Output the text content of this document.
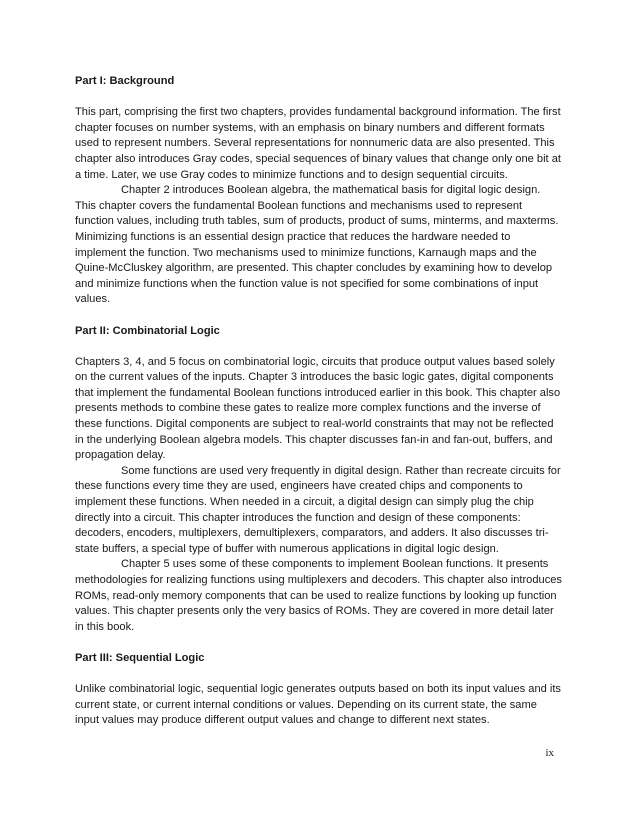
Part I: Background

This part, comprising the first two chapters, provides fundamental background information. The first chapter focuses on number systems, with an emphasis on binary numbers and different formats used to represent numbers. Several representations for nonnumeric data are also presented. This chapter also introduces Gray codes, special sequences of binary values that change only one bit at a time. Later, we use Gray codes to minimize functions and to design sequential circuits.

Chapter 2 introduces Boolean algebra, the mathematical basis for digital logic design. This chapter covers the fundamental Boolean functions and mechanisms used to represent function values, including truth tables, sum of products, product of sums, minterms, and maxterms. Minimizing functions is an essential design practice that reduces the hardware needed to implement the function. Two mechanisms used to minimize functions, Karnaugh maps and the Quine-McCluskey algorithm, are presented. This chapter concludes by examining how to develop and minimize functions when the function value is not specified for some combinations of input values.

Part II: Combinatorial Logic

Chapters 3, 4, and 5 focus on combinatorial logic, circuits that produce output values based solely on the current values of the inputs. Chapter 3 introduces the basic logic gates, digital components that implement the fundamental Boolean functions introduced earlier in this book. This chapter also presents methods to combine these gates to realize more complex functions and the inverse of these functions. Digital components are subject to real-world constraints that may not be reflected in the underlying Boolean algebra models. This chapter discusses fan-in and fan-out, buffers, and propagation delay.

Some functions are used very frequently in digital design. Rather than recreate circuits for these functions every time they are used, engineers have created chips and components to implement these functions. When needed in a circuit, a digital design can simply plug the chip directly into a circuit. This chapter introduces the function and design of these components: decoders, encoders, multiplexers, demultiplexers, comparators, and adders. It also discusses tri-state buffers, a special type of buffer with numerous applications in digital logic design.

Chapter 5 uses some of these components to implement Boolean functions. It presents methodologies for realizing functions using multiplexers and decoders. This chapter also introduces ROMs, read-only memory components that can be used to realize functions by looking up function values. This chapter presents only the very basics of ROMs. They are covered in more detail later in this book.

Part III: Sequential Logic

Unlike combinatorial logic, sequential logic generates outputs based on both its input values and its current state, or current internal conditions or values. Depending on its current state, the same input values may produce different output values and change to different next states.

ix
